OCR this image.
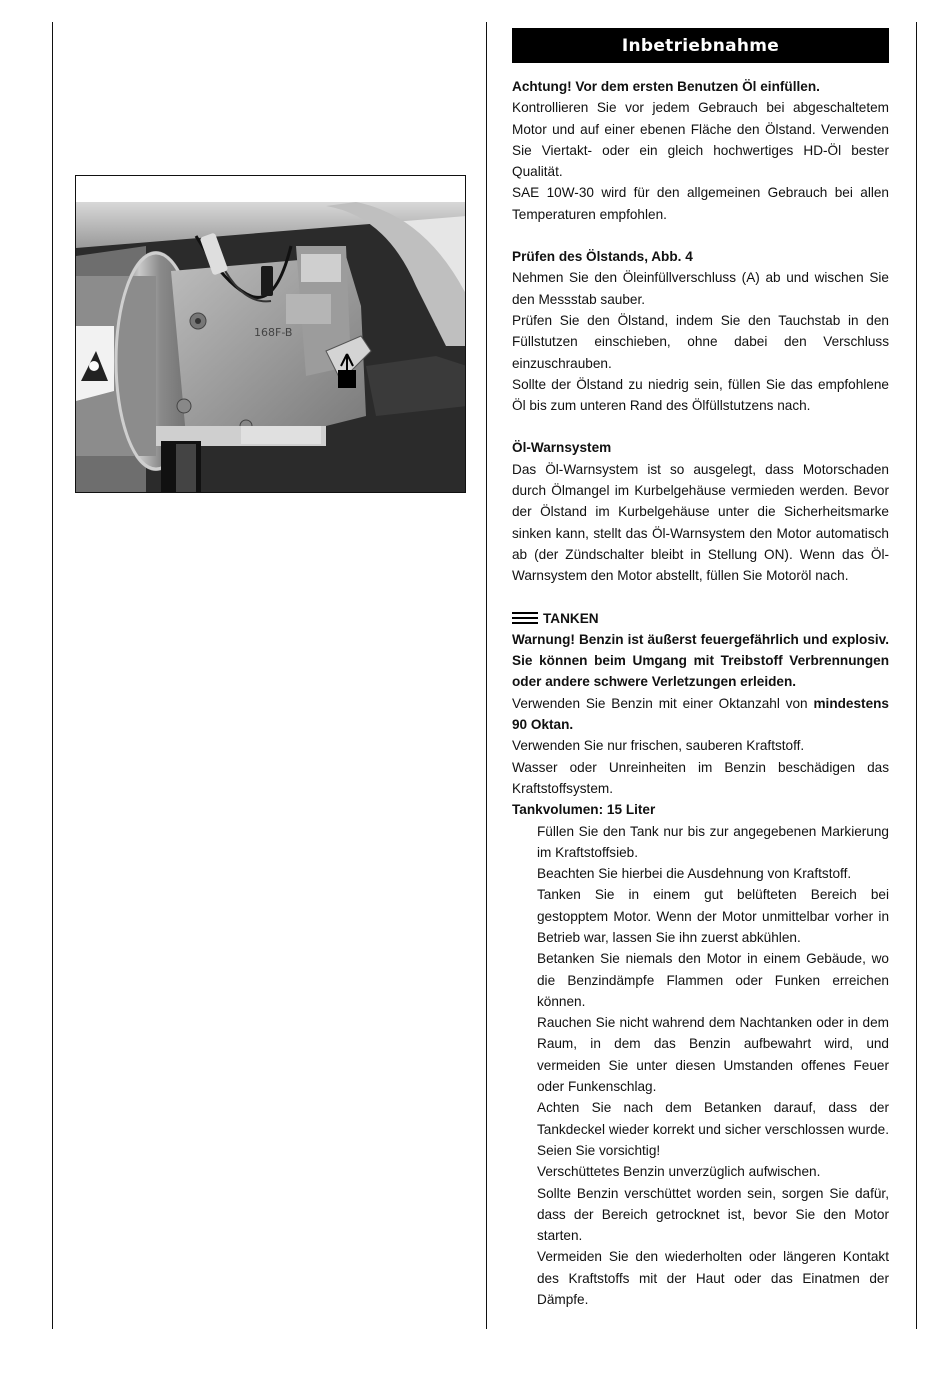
168F-B
Inbetriebnahme

Achtung! Vor dem ersten Benutzen Öl einfüllen.

Kontrollieren Sie vor jedem Gebrauch bei abgeschaltetem Motor und auf einer ebenen Fläche den Ölstand. Verwenden Sie Viertakt- oder ein gleich hochwertiges HD-Öl bester Qualität.

SAE 10W-30 wird für den allgemeinen Gebrauch bei allen Temperaturen empfohlen.

Prüfen des Ölstands, Abb. 4

Nehmen Sie den Öleinfüllverschluss (A) ab und wischen Sie den Messstab sauber.

Prüfen Sie den Ölstand, indem Sie den Tauchstab in den Füllstutzen einschieben, ohne dabei den Verschluss einzuschrauben.

Sollte der Ölstand zu niedrig sein, füllen Sie das empfohlene Öl bis zum unteren Rand des Ölfüllstutzens nach.

Öl-Warnsystem

Das Öl-Warnsystem ist so ausgelegt, dass Motorschaden durch Ölmangel im Kurbelgehäuse vermieden werden. Bevor der Ölstand im Kurbelgehäuse unter die Sicherheitsmarke sinken kann, stellt das Öl-Warnsystem den Motor automatisch ab (der Zündschalter bleibt in Stellung ON). Wenn das Öl-Warnsystem den Motor abstellt, füllen Sie Motoröl nach.

TANKEN

Warnung! Benzin ist äußerst feuergefährlich und explosiv. Sie können beim Umgang mit Treibstoff Verbrennungen oder andere schwere Verletzungen erleiden.

Verwenden Sie Benzin mit einer Oktanzahl von mindestens 90 Oktan.

Verwenden Sie nur frischen, sauberen Kraftstoff.

Wasser oder Unreinheiten im Benzin beschädigen das Kraftstoffsystem.

Tankvolumen: 15 Liter

Füllen Sie den Tank nur bis zur angegebenen Markierung im Kraftstoffsieb.

Beachten Sie hierbei die Ausdehnung von Kraftstoff.

Tanken Sie in einem gut belüfteten Bereich bei gestopptem Motor. Wenn der Motor unmittelbar vorher in Betrieb war, lassen Sie ihn zuerst abkühlen.

Betanken Sie niemals den Motor in einem Gebäude, wo die Benzindämpfe Flammen oder Funken erreichen können.

Rauchen Sie nicht wahrend dem Nachtanken oder in dem Raum, in dem das Benzin aufbewahrt wird, und vermeiden Sie unter diesen Umstanden offenes Feuer oder Funkenschlag.

Achten Sie nach dem Betanken darauf, dass der Tankdeckel wieder korrekt und sicher verschlossen wurde. Seien Sie vorsichtig!

Verschüttetes Benzin unverzüglich aufwischen.

Sollte Benzin verschüttet worden sein, sorgen Sie dafür, dass der Bereich getrocknet ist, bevor Sie den Motor starten.

Vermeiden Sie den wiederholten oder längeren Kontakt des Kraftstoffs mit der Haut oder das Einatmen der Dämpfe.
